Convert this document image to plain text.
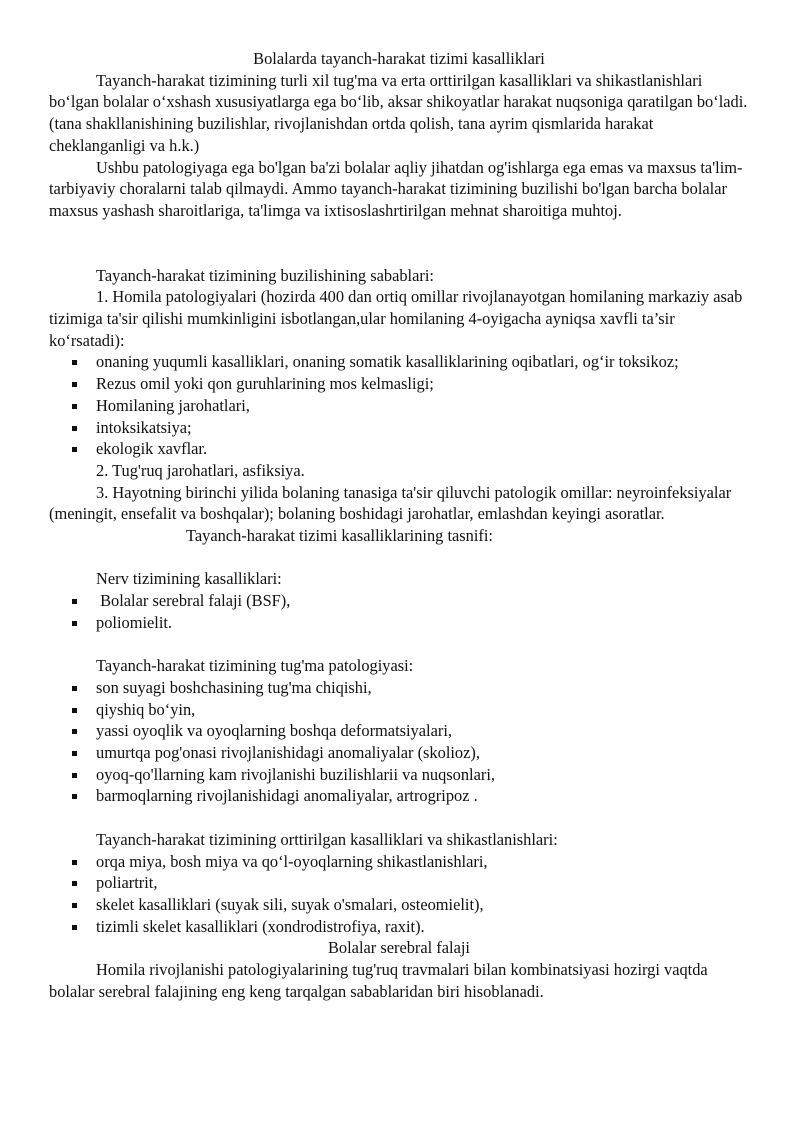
Bolalarda tayanch-harakat tizimi kasalliklari

Tayanch-harakat tizimining turli xil tug'ma va erta orttirilgan kasalliklari va shikastlanishlari bo‘lgan bolalar o‘xshash xususiyatlarga ega bo‘lib, aksar shikoyatlar harakat nuqsoniga qaratilgan bo‘ladi. (tana shakllanishining buzilishlar, rivojlanishdan ortda qolish, tana ayrim qismlarida harakat cheklanganligi va h.k.)

Ushbu patologiyaga ega bo'lgan ba'zi bolalar aqliy jihatdan og'ishlarga ega emas va maxsus ta'lim-tarbiyaviy choralarni talab qilmaydi. Ammo tayanch-harakat tizimining buzilishi bo'lgan barcha bolalar maxsus yashash sharoitlariga, ta'limga va ixtisoslashrtirilgan mehnat sharoitiga muhtoj.

Tayanch-harakat tizimining buzilishining sabablari:

1. Homila patologiyalari (hozirda 400 dan ortiq omillar rivojlanayotgan homilaning markaziy asab tizimiga ta'sir qilishi mumkinligini isbotlangan,ular homilaning 4-oyigacha ayniqsa xavfli ta’sir ko‘rsatadi):

onaning yuqumli kasalliklari, onaning somatik kasalliklarining oqibatlari, og‘ir toksikoz;
Rezus omil yoki qon guruhlarining mos kelmasligi;
Homilaning jarohatlari,
intoksikatsiya;
ekologik xavflar.

2. Tug'ruq jarohatlari, asfiksiya.

3. Hayotning birinchi yilida bolaning tanasiga ta'sir qiluvchi patologik omillar: neyroinfeksiyalar (meningit, ensefalit va boshqalar); bolaning boshidagi jarohatlar, emlashdan keyingi asoratlar.

Tayanch-harakat tizimi kasalliklarining tasnifi:

Nerv tizimining kasalliklari:

Bolalar serebral falaji (BSF),
poliomielit.

Tayanch-harakat tizimining tug'ma patologiyasi:

son suyagi boshchasining tug'ma chiqishi,
qiyshiq bo‘yin,
yassi oyoqlik va oyoqlarning boshqa deformatsiyalari,
umurtqa pog'onasi rivojlanishidagi anomaliyalar (skolioz),
oyoq-qo'llarning kam rivojlanishi buzilishlarii va nuqsonlari,
barmoqlarning rivojlanishidagi anomaliyalar, artrogripoz .

Tayanch-harakat tizimining orttirilgan kasalliklari va shikastlanishlari:

orqa miya, bosh miya va qo‘l-oyoqlarning shikastlanishlari,
poliartrit,
skelet kasalliklari (suyak sili, suyak o'smalari, osteomielit),
tizimli skelet kasalliklari (xondrodistrofiya, raxit).

Bolalar serebral falaji

Homila rivojlanishi patologiyalarining tug'ruq travmalari bilan kombinatsiyasi hozirgi vaqtda bolalar serebral falajining eng keng tarqalgan sabablaridan biri hisoblanadi.
